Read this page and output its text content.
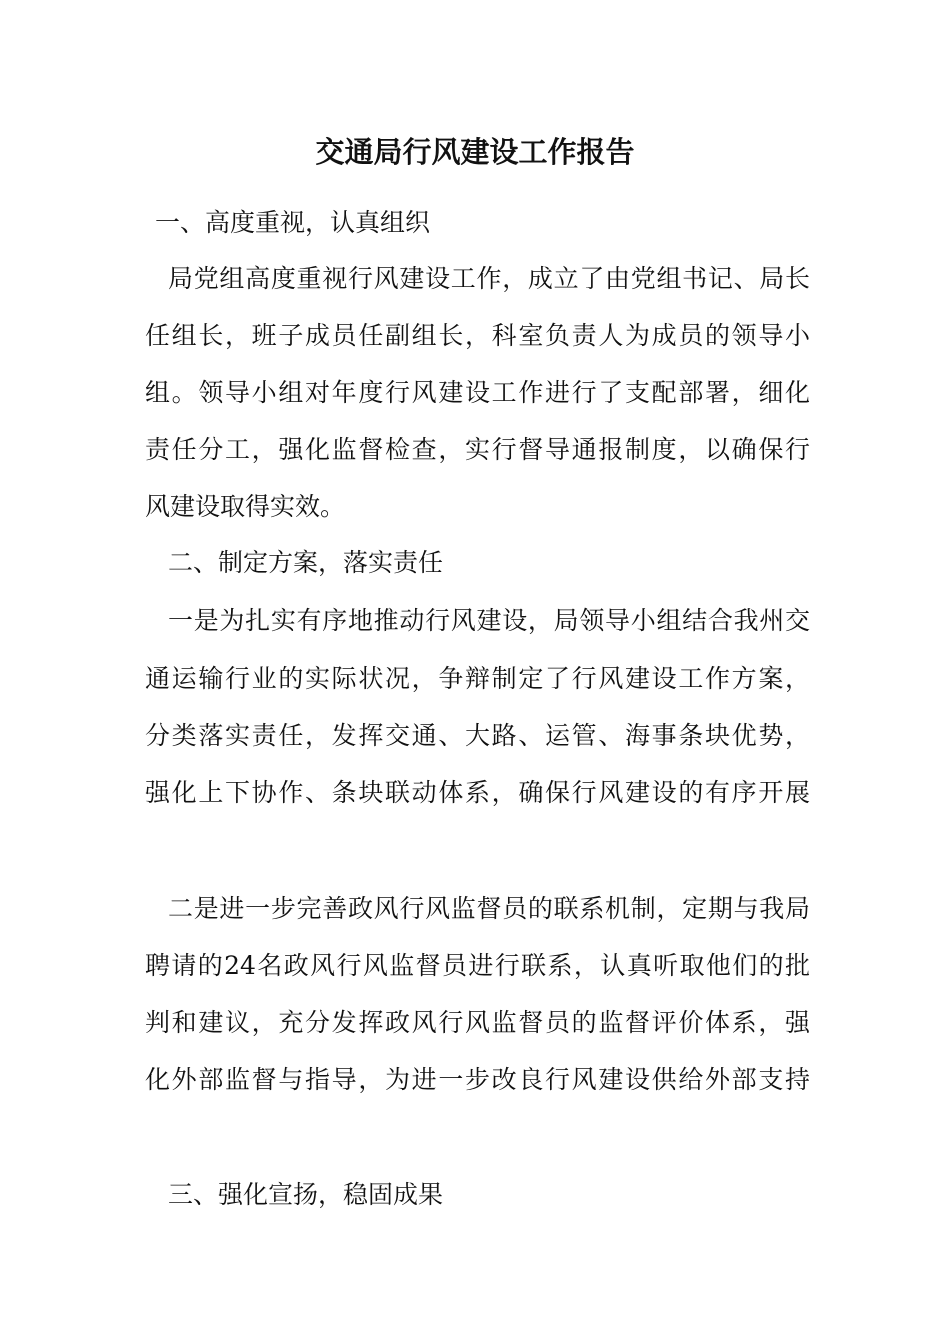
交通局行风建设工作报告
一、高度重视，认真组织
局党组高度重视行风建设工作，成立了由党组书记、局长
任组长，班子成员任副组长，科室负责人为成员的领导小
组。领导小组对年度行风建设工作进行了支配部署，细化
责任分工，强化监督检查，实行督导通报制度，以确保行
风建设取得实效。
二、制定方案，落实责任
一是为扎实有序地推动行风建设，局领导小组结合我州交
通运输行业的实际状况，争辩制定了行风建设工作方案，
分类落实责任，发挥交通、大路、运管、海事条块优势，
强化上下协作、条块联动体系，确保行风建设的有序开展
二是进一步完善政风行风监督员的联系机制，定期与我局
聘请的24名政风行风监督员进行联系，认真听取他们的批
判和建议，充分发挥政风行风监督员的监督评价体系，强
化外部监督与指导，为进一步改良行风建设供给外部支持
三、强化宣扬，稳固成果
